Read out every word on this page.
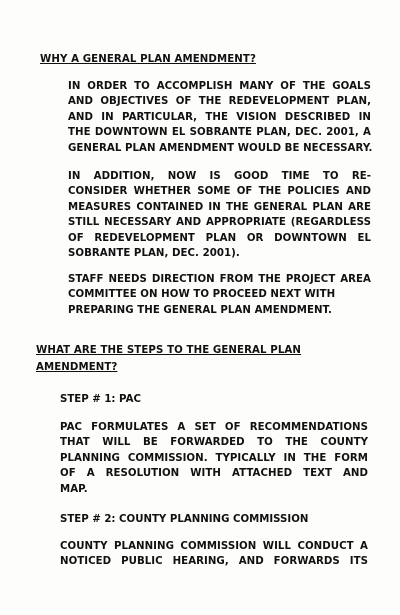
WHY A GENERAL PLAN AMENDMENT?
IN ORDER TO ACCOMPLISH MANY OF THE GOALS
AND OBJECTIVES OF THE REDEVELOPMENT PLAN,
AND IN PARTICULAR, THE VISION DESCRIBED IN
THE DOWNTOWN EL SOBRANTE PLAN, DEC. 2001, A
GENERAL PLAN AMENDMENT WOULD BE NECESSARY.
IN ADDITION, NOW IS GOOD TIME TO RE-
CONSIDER WHETHER SOME OF THE POLICIES AND
MEASURES CONTAINED IN THE GENERAL PLAN ARE
STILL NECESSARY AND APPROPRIATE (REGARDLESS
OF REDEVELOPMENT PLAN OR DOWNTOWN EL
SOBRANTE PLAN, DEC. 2001).
STAFF NEEDS DIRECTION FROM THE PROJECT AREA
COMMITTEE ON HOW TO PROCEED NEXT WITH
PREPARING THE GENERAL PLAN AMENDMENT.
WHAT ARE THE STEPS TO THE GENERAL PLAN
AMENDMENT?
STEP # 1: PAC
PAC FORMULATES A SET OF RECOMMENDATIONS
THAT WILL BE FORWARDED TO THE COUNTY
PLANNING COMMISSION. TYPICALLY IN THE FORM
OF A RESOLUTION WITH ATTACHED TEXT AND
MAP.
STEP # 2: COUNTY PLANNING COMMISSION
COUNTY PLANNING COMMISSION WILL CONDUCT A
NOTICED PUBLIC HEARING, AND FORWARDS ITS
